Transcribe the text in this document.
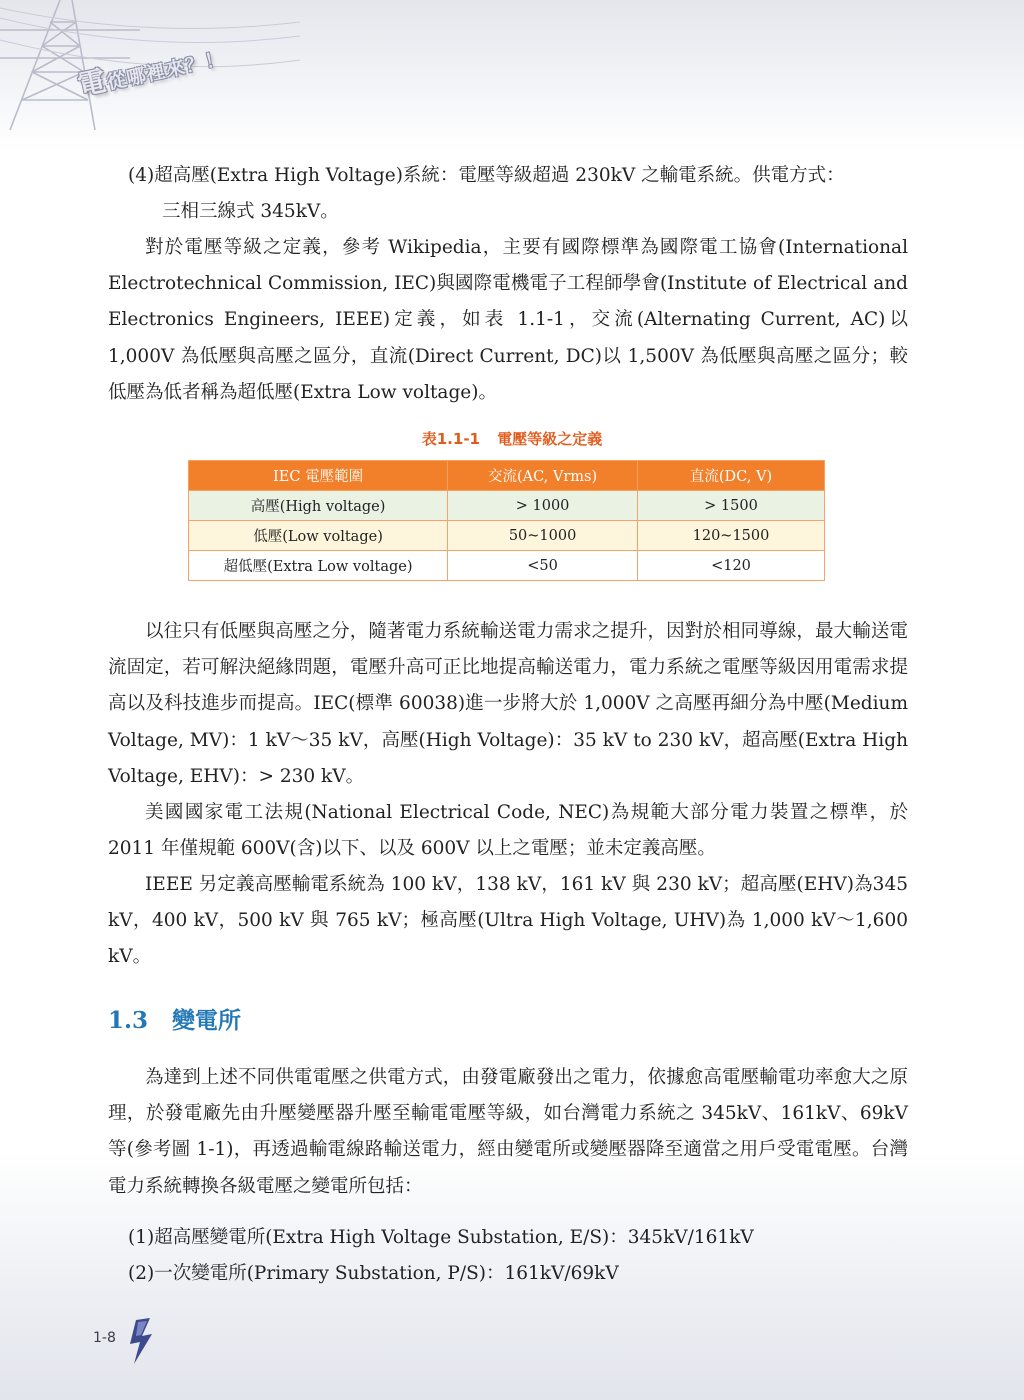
電從哪裡來？！

(4)超高壓(Extra High Voltage)系統：電壓等級超過 230kV 之輸電系統。供電方式：

三相三線式 345kV。

對於電壓等級之定義，參考 Wikipedia，主要有國際標準為國際電工協會(International Electrotechnical Commission, IEC)與國際電機電子工程師學會(Institute of Electrical and Electronics Engineers, IEEE)定義，如表 1.1-1，交流(Alternating Current, AC)以 1,000V 為低壓與高壓之區分，直流(Direct Current, DC)以 1,500V 為低壓與高壓之區分；較低壓為低者稱為超低壓(Extra Low voltage)。

表1.1-1 電壓等級之定義
IEC 電壓範圍	交流(AC, Vrms)	直流(DC, V)
高壓(High voltage)	> 1000	> 1500
低壓(Low voltage)	50~1000	120~1500
超低壓(Extra Low voltage)	<50	<120

以往只有低壓與高壓之分，隨著電力系統輸送電力需求之提升，因對於相同導線，最大輸送電流固定，若可解決絕緣問題，電壓升高可正比地提高輸送電力，電力系統之電壓等級因用電需求提高以及科技進步而提高。IEC(標準 60038)進一步將大於 1,000V 之高壓再細分為中壓(Medium Voltage, MV)：1 kV～35 kV，高壓(High Voltage)：35 kV to 230 kV，超高壓(Extra High Voltage, EHV)：> 230 kV。

美國國家電工法規(National Electrical Code, NEC)為規範大部分電力裝置之標準，於 2011 年僅規範 600V(含)以下、以及 600V 以上之電壓；並未定義高壓。

IEEE 另定義高壓輸電系統為 100 kV，138 kV，161 kV 與 230 kV；超高壓(EHV)為345 kV，400 kV，500 kV 與 765 kV；極高壓(Ultra High Voltage, UHV)為 1,000 kV～1,600 kV。

1.3 變電所

為達到上述不同供電電壓之供電方式，由發電廠發出之電力，依據愈高電壓輸電功率愈大之原理，於發電廠先由升壓變壓器升壓至輸電電壓等級，如台灣電力系統之 345kV、161kV、69kV 等(參考圖 1-1)，再透過輸電線路輸送電力，經由變電所或變壓器降至適當之用戶受電電壓。台灣電力系統轉換各級電壓之變電所包括：

(1)超高壓變電所(Extra High Voltage Substation, E/S)：345kV/161kV

(2)一次變電所(Primary Substation, P/S)：161kV/69kV

1-8
